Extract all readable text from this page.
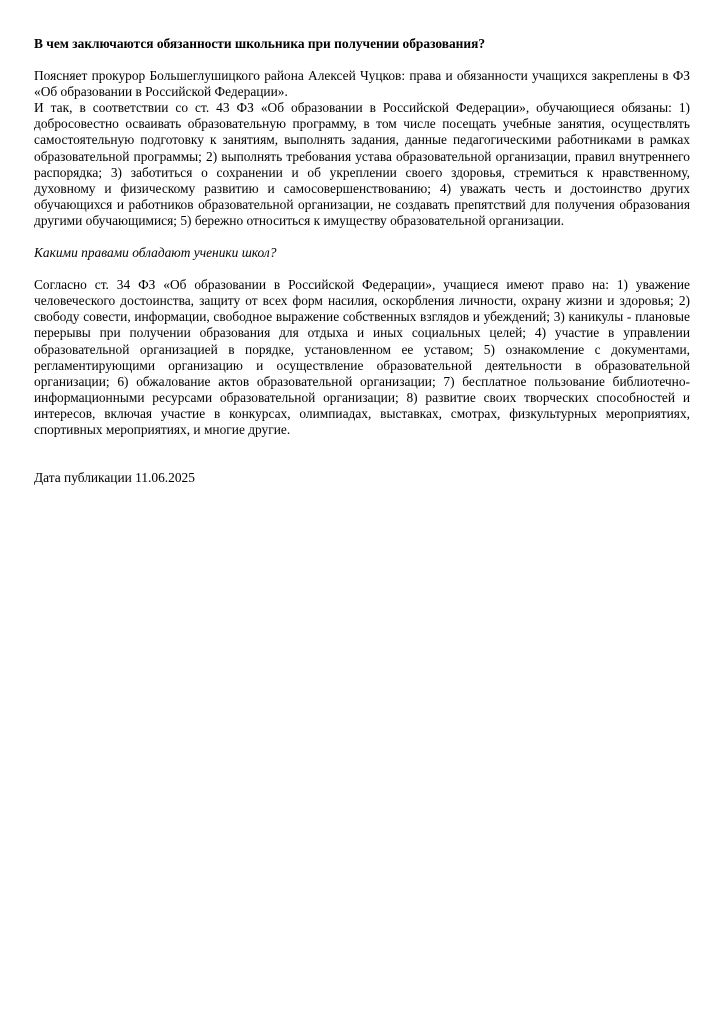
В чем заключаются обязанности школьника при получении образования?

Поясняет прокурор Большеглушицкого района Алексей Чуцков: права и обязанности учащихся закреплены в ФЗ «Об образовании в Российской Федерации».

И так, в соответствии со ст. 43 ФЗ «Об образовании в Российской Федерации», обучающиеся обязаны: 1) добросовестно осваивать образовательную программу, в том числе посещать учебные занятия, осуществлять самостоятельную подготовку к занятиям, выполнять задания, данные педагогическими работниками в рамках образовательной программы; 2) выполнять требования устава образовательной организации, правил внутреннего распорядка; 3) заботиться о сохранении и об укреплении своего здоровья, стремиться к нравственному, духовному и физическому развитию и самосовершенствованию; 4) уважать честь и достоинство других обучающихся и работников образовательной организации, не создавать препятствий для получения образования другими обучающимися; 5) бережно относиться к имуществу образовательной организации.

Какими правами обладают ученики школ?

Согласно ст. 34 ФЗ «Об образовании в Российской Федерации», учащиеся имеют право на: 1) уважение человеческого достоинства, защиту от всех форм насилия, оскорбления личности, охрану жизни и здоровья; 2) свободу совести, информации, свободное выражение собственных взглядов и убеждений; 3) каникулы - плановые перерывы при получении образования для отдыха и иных социальных целей; 4) участие в управлении образовательной организацией в порядке, установленном ее уставом; 5) ознакомление с документами, регламентирующими организацию и осуществление образовательной деятельности в образовательной организации; 6) обжалование актов образовательной организации; 7) бесплатное пользование библиотечно-информационными ресурсами образовательной организации; 8) развитие своих творческих способностей и интересов, включая участие в конкурсах, олимпиадах, выставках, смотрах, физкультурных мероприятиях, спортивных мероприятиях, и многие другие.

Дата публикации 11.06.2025
